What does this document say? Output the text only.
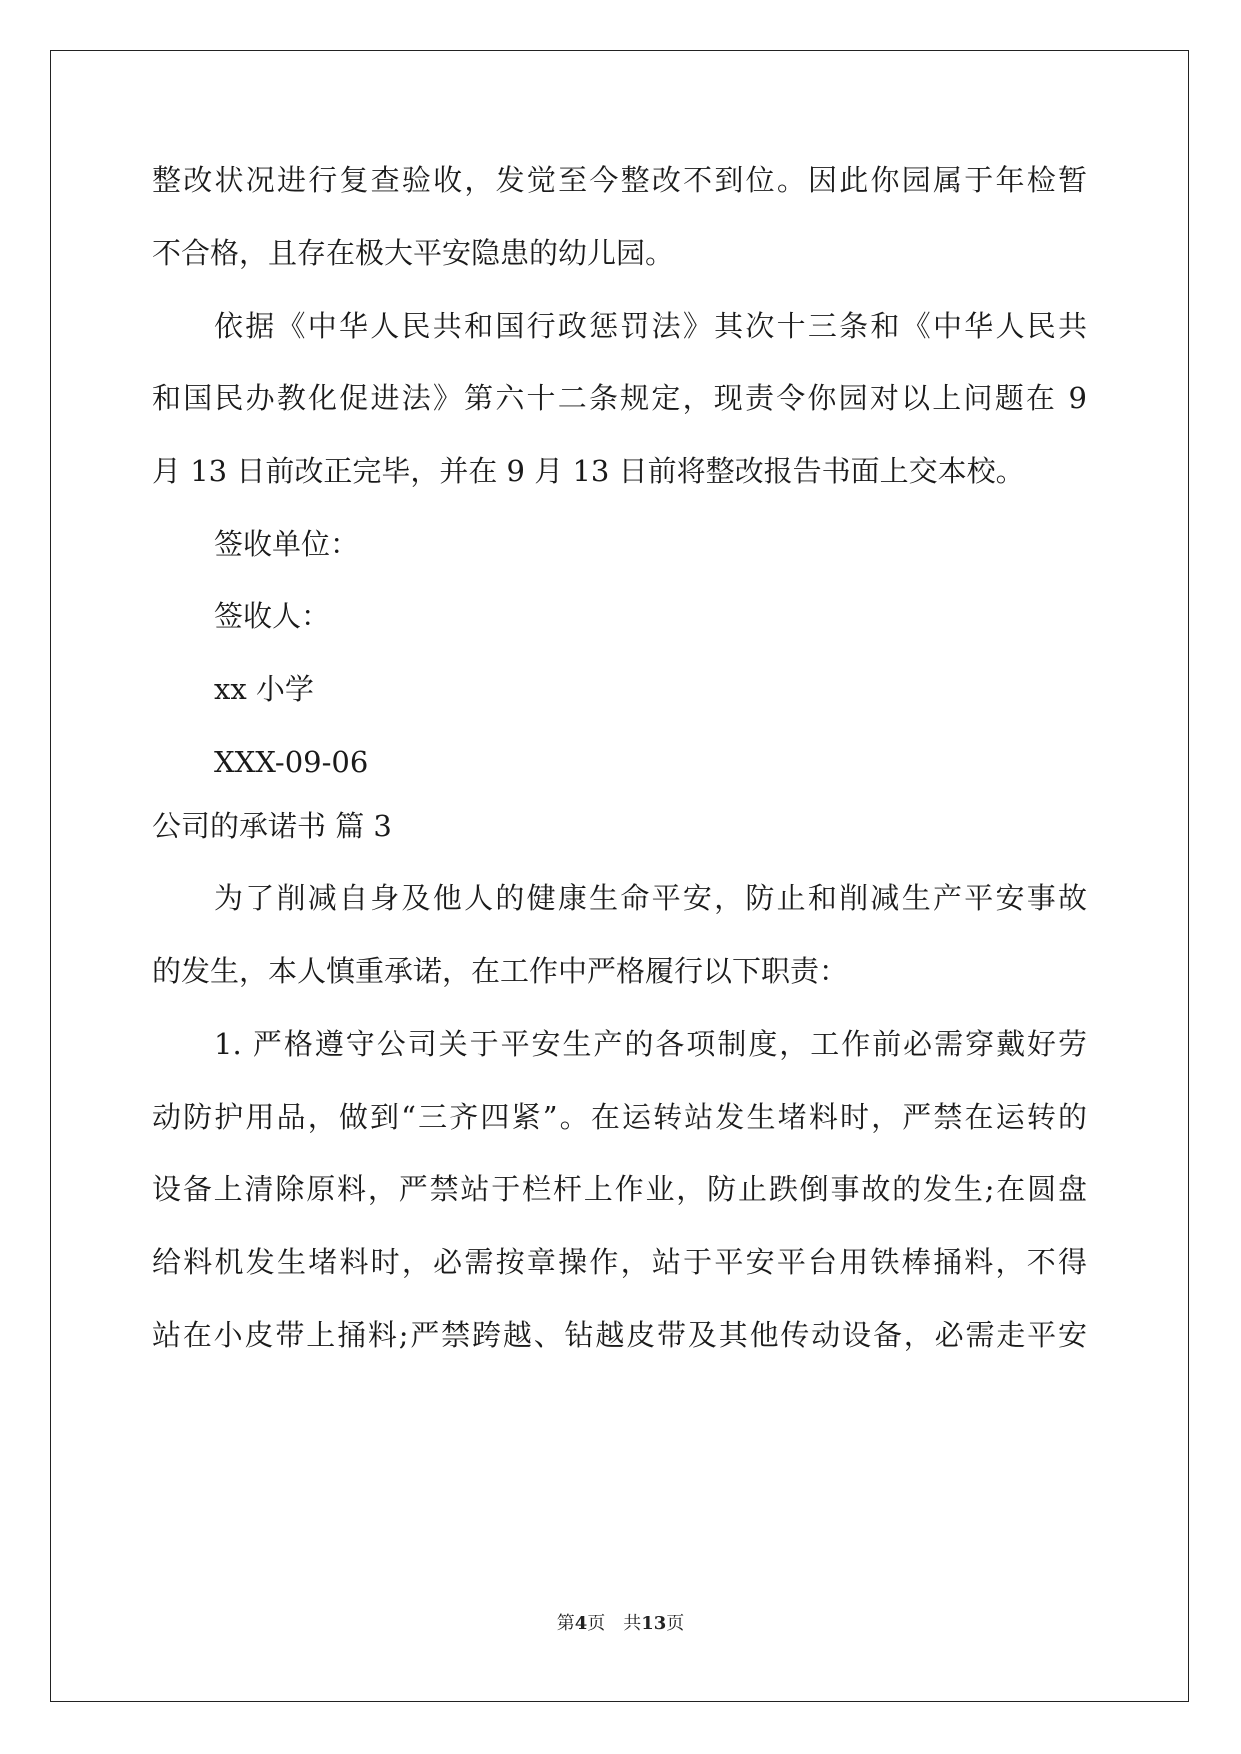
整改状况进行复查验收，发觉至今整改不到位。因此你园属于年检暂
不合格，且存在极大平安隐患的幼儿园。
依据《中华人民共和国行政惩罚法》其次十三条和《中华人民共
和国民办教化促进法》第六十二条规定，现责令你园对以上问题在 9
月 13 日前改正完毕，并在 9 月 13 日前将整改报告书面上交本校。
签收单位：
签收人：
xx 小学
XXX-09-06
公司的承诺书 篇 3
为了削减自身及他人的健康生命平安，防止和削减生产平安事故
的发生，本人慎重承诺，在工作中严格履行以下职责：
1. 严格遵守公司关于平安生产的各项制度，工作前必需穿戴好劳
动防护用品，做到“三齐四紧”。在运转站发生堵料时，严禁在运转的
设备上清除原料，严禁站于栏杆上作业，防止跌倒事故的发生;在圆盘
给料机发生堵料时，必需按章操作，站于平安平台用铁棒捅料，不得
站在小皮带上捅料;严禁跨越、钻越皮带及其他传动设备，必需走平安
第4页　共13页
